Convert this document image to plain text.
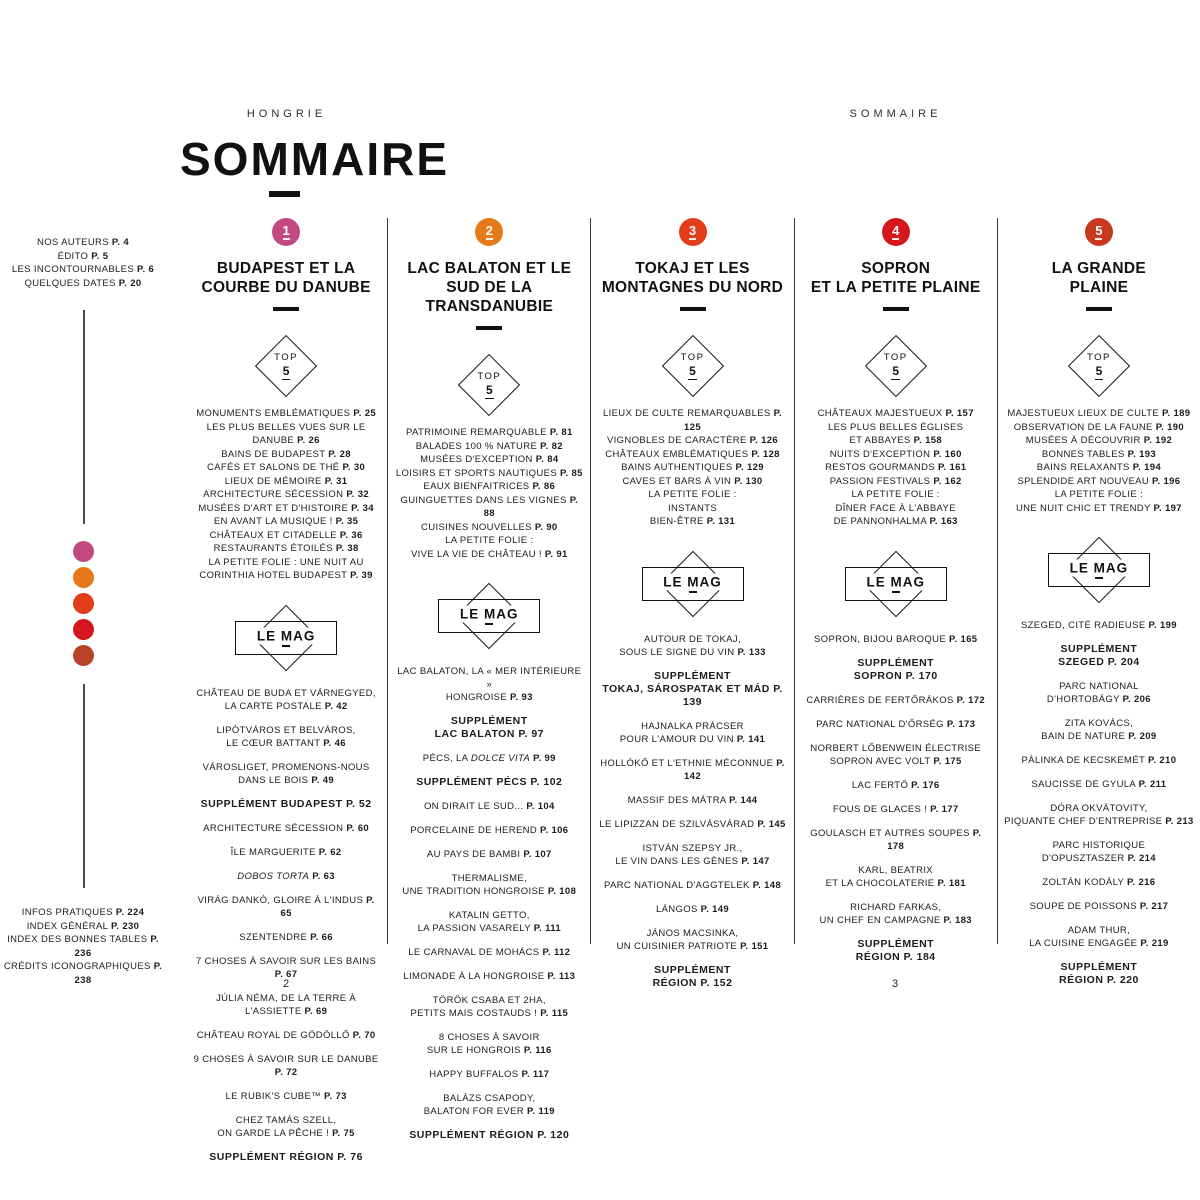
HONGRIE	SOMMAIRE
SOMMAIRE
NOS AUTEURS P. 4
ÉDITO P. 5
LES INCONTOURNABLES P. 6
QUELQUES DATES P. 20
INFOS PRATIQUES P. 224
INDEX GÉNÉRAL P. 230
INDEX DES BONNES TABLES P. 236
CRÉDITS ICONOGRAPHIQUES P. 238
1
BUDAPEST ET LA
COURBE DU DANUBE
TOP
5
MONUMENTS EMBLÉMATIQUES P. 25
LES PLUS BELLES VUES SUR LE DANUBE P. 26
BAINS DE BUDAPEST P. 28
CAFÉS ET SALONS DE THÉ P. 30
LIEUX DE MÉMOIRE P. 31
ARCHITECTURE SÉCESSION P. 32
MUSÉES D'ART ET D'HISTOIRE P. 34
EN AVANT LA MUSIQUE ! P. 35
CHÂTEAUX ET CITADELLE P. 36
RESTAURANTS ÉTOILÉS P. 38
LA PETITE FOLIE : UNE NUIT AU
CORINTHIA HOTEL BUDAPEST P. 39
LE MAG
CHÂTEAU DE BUDA ET VÁRNEGYED,
LA CARTE POSTALE P. 42
LIPÓTVÁROS ET BELVÁROS,
LE CŒUR BATTANT P. 46
VÁROSLIGET, PROMENONS-NOUS
DANS LE BOIS P. 49
SUPPLÉMENT BUDAPEST P. 52
ARCHITECTURE SÉCESSION P. 60
ÎLE MARGUERITE P. 62
DOBOS TORTA P. 63
VIRÁG DANKÓ, GLOIRE À L'INDUS P. 65
SZENTENDRE P. 66
7 CHOSES À SAVOIR SUR LES BAINS P. 67
JÚLIA NÉMA, DE LA TERRE À L'ASSIETTE P. 69
CHÂTEAU ROYAL DE GÖDÖLLŐ P. 70
9 CHOSES À SAVOIR SUR LE DANUBE P. 72
LE RUBIK'S CUBE™ P. 73
CHEZ TAMÁS SZELL,
ON GARDE LA PÊCHE ! P. 75
SUPPLÉMENT RÉGION P. 76
2
LAC BALATON ET LE
SUD DE LA TRANSDANUBIE
TOP
5
PATRIMOINE REMARQUABLE P. 81
BALADES 100 % NATURE P. 82
MUSÉES D'EXCEPTION P. 84
LOISIRS ET SPORTS NAUTIQUES P. 85
EAUX BIENFAITRICES P. 86
GUINGUETTES DANS LES VIGNES P. 88
CUISINES NOUVELLES P. 90
LA PETITE FOLIE :
VIVE LA VIE DE CHÂTEAU ! P. 91
LE MAG
LAC BALATON, LA « MER INTÉRIEURE »
HONGROISE P. 93
SUPPLÉMENT
LAC BALATON P. 97
PÉCS, LA DOLCE VITA P. 99
SUPPLÉMENT PÉCS P. 102
ON DIRAIT LE SUD... P. 104
PORCELAINE DE HEREND P. 106
AU PAYS DE BAMBI P. 107
THERMALISME,
UNE TRADITION HONGROISE P. 108
KATALIN GETTO,
LA PASSION VASARELY P. 111
LE CARNAVAL DE MOHÁCS P. 112
LIMONADE À LA HONGROISE P. 113
TÖRÖK CSABA ET 2HA,
PETITS MAIS COSTAUDS ! P. 115
8 CHOSES À SAVOIR
SUR LE HONGROIS P. 116
HAPPY BUFFALOS P. 117
BALÁZS CSAPODY,
BALATON FOR EVER P. 119
SUPPLÉMENT RÉGION P. 120
3
TOKAJ ET LES
MONTAGNES DU NORD
TOP
5
LIEUX DE CULTE REMARQUABLES P. 125
VIGNOBLES DE CARACTÈRE P. 126
CHÂTEAUX EMBLÉMATIQUES P. 128
BAINS AUTHENTIQUES P. 129
CAVES ET BARS À VIN P. 130
LA PETITE FOLIE :
INSTANTS
BIEN-ÊTRE P. 131
LE MAG
AUTOUR DE TOKAJ,
SOUS LE SIGNE DU VIN P. 133
SUPPLÉMENT
TOKAJ, SÁROSPATAK ET MÁD P. 139
HAJNALKA PRÁCSER
POUR L'AMOUR DU VIN P. 141
HOLLÓKŐ ET L'ETHNIE MÉCONNUE P. 142
MASSIF DES MÁTRA P. 144
LE LIPIZZAN DE SZILVÁSVÁRAD P. 145
ISTVÁN SZEPSY JR.,
LE VIN DANS LES GÈNES P. 147
PARC NATIONAL D'AGGTELEK P. 148
LÁNGOS P. 149
JÁNOS MACSINKA,
UN CUISINIER PATRIOTE P. 151
SUPPLÉMENT
RÉGION P. 152
4
SOPRON
ET LA PETITE PLAINE
TOP
5
CHÂTEAUX MAJESTUEUX P. 157
LES PLUS BELLES ÉGLISES
ET ABBAYES P. 158
NUITS D'EXCEPTION P. 160
RESTOS GOURMANDS P. 161
PASSION FESTIVALS P. 162
LA PETITE FOLIE :
DÎNER FACE À L'ABBAYE
DE PANNONHALMA P. 163
LE MAG
SOPRON, BIJOU BAROQUE P. 165
SUPPLÉMENT
SOPRON P. 170
CARRIÈRES DE FERTŐRÁKOS P. 172
PARC NATIONAL D'ŐRSÉG P. 173
NORBERT LŐBENWEIN ÉLECTRISE
SOPRON AVEC VOLT P. 175
LAC FERTŐ P. 176
FOUS DE GLACES ! P. 177
GOULASCH ET AUTRES SOUPES P. 178
KARL, BEATRIX
ET LA CHOCOLATERIE P. 181
RICHARD FARKAS,
UN CHEF EN CAMPAGNE P. 183
SUPPLÉMENT
RÉGION P. 184
5
LA GRANDE
PLAINE
TOP
5
MAJESTUEUX LIEUX DE CULTE P. 189
OBSERVATION DE LA FAUNE P. 190
MUSÉES À DÉCOUVRIR P. 192
BONNES TABLES P. 193
BAINS RELAXANTS P. 194
SPLENDIDE ART NOUVEAU P. 196
LA PETITE FOLIE :
UNE NUIT CHIC ET TRENDY P. 197
LE MAG
SZEGED, CITÉ RADIEUSE P. 199
SUPPLÉMENT
SZEGED P. 204
PARC NATIONAL
D'HORTOBÁGY P. 206
ZITA KOVÁCS,
BAIN DE NATURE P. 209
PÁLINKA DE KECSKEMÉT P. 210
SAUCISSE DE GYULA P. 211
DÓRA OKVÁTOVITY,
PIQUANTE CHEF D'ENTREPRISE P. 213
PARC HISTORIQUE
D'OPUSZTASZER P. 214
ZOLTÁN KODÁLY P. 216
SOUPE DE POISSONS P. 217
ADAM THUR,
LA CUISINE ENGAGÉE P. 219
SUPPLÉMENT
RÉGION P. 220
2	3
